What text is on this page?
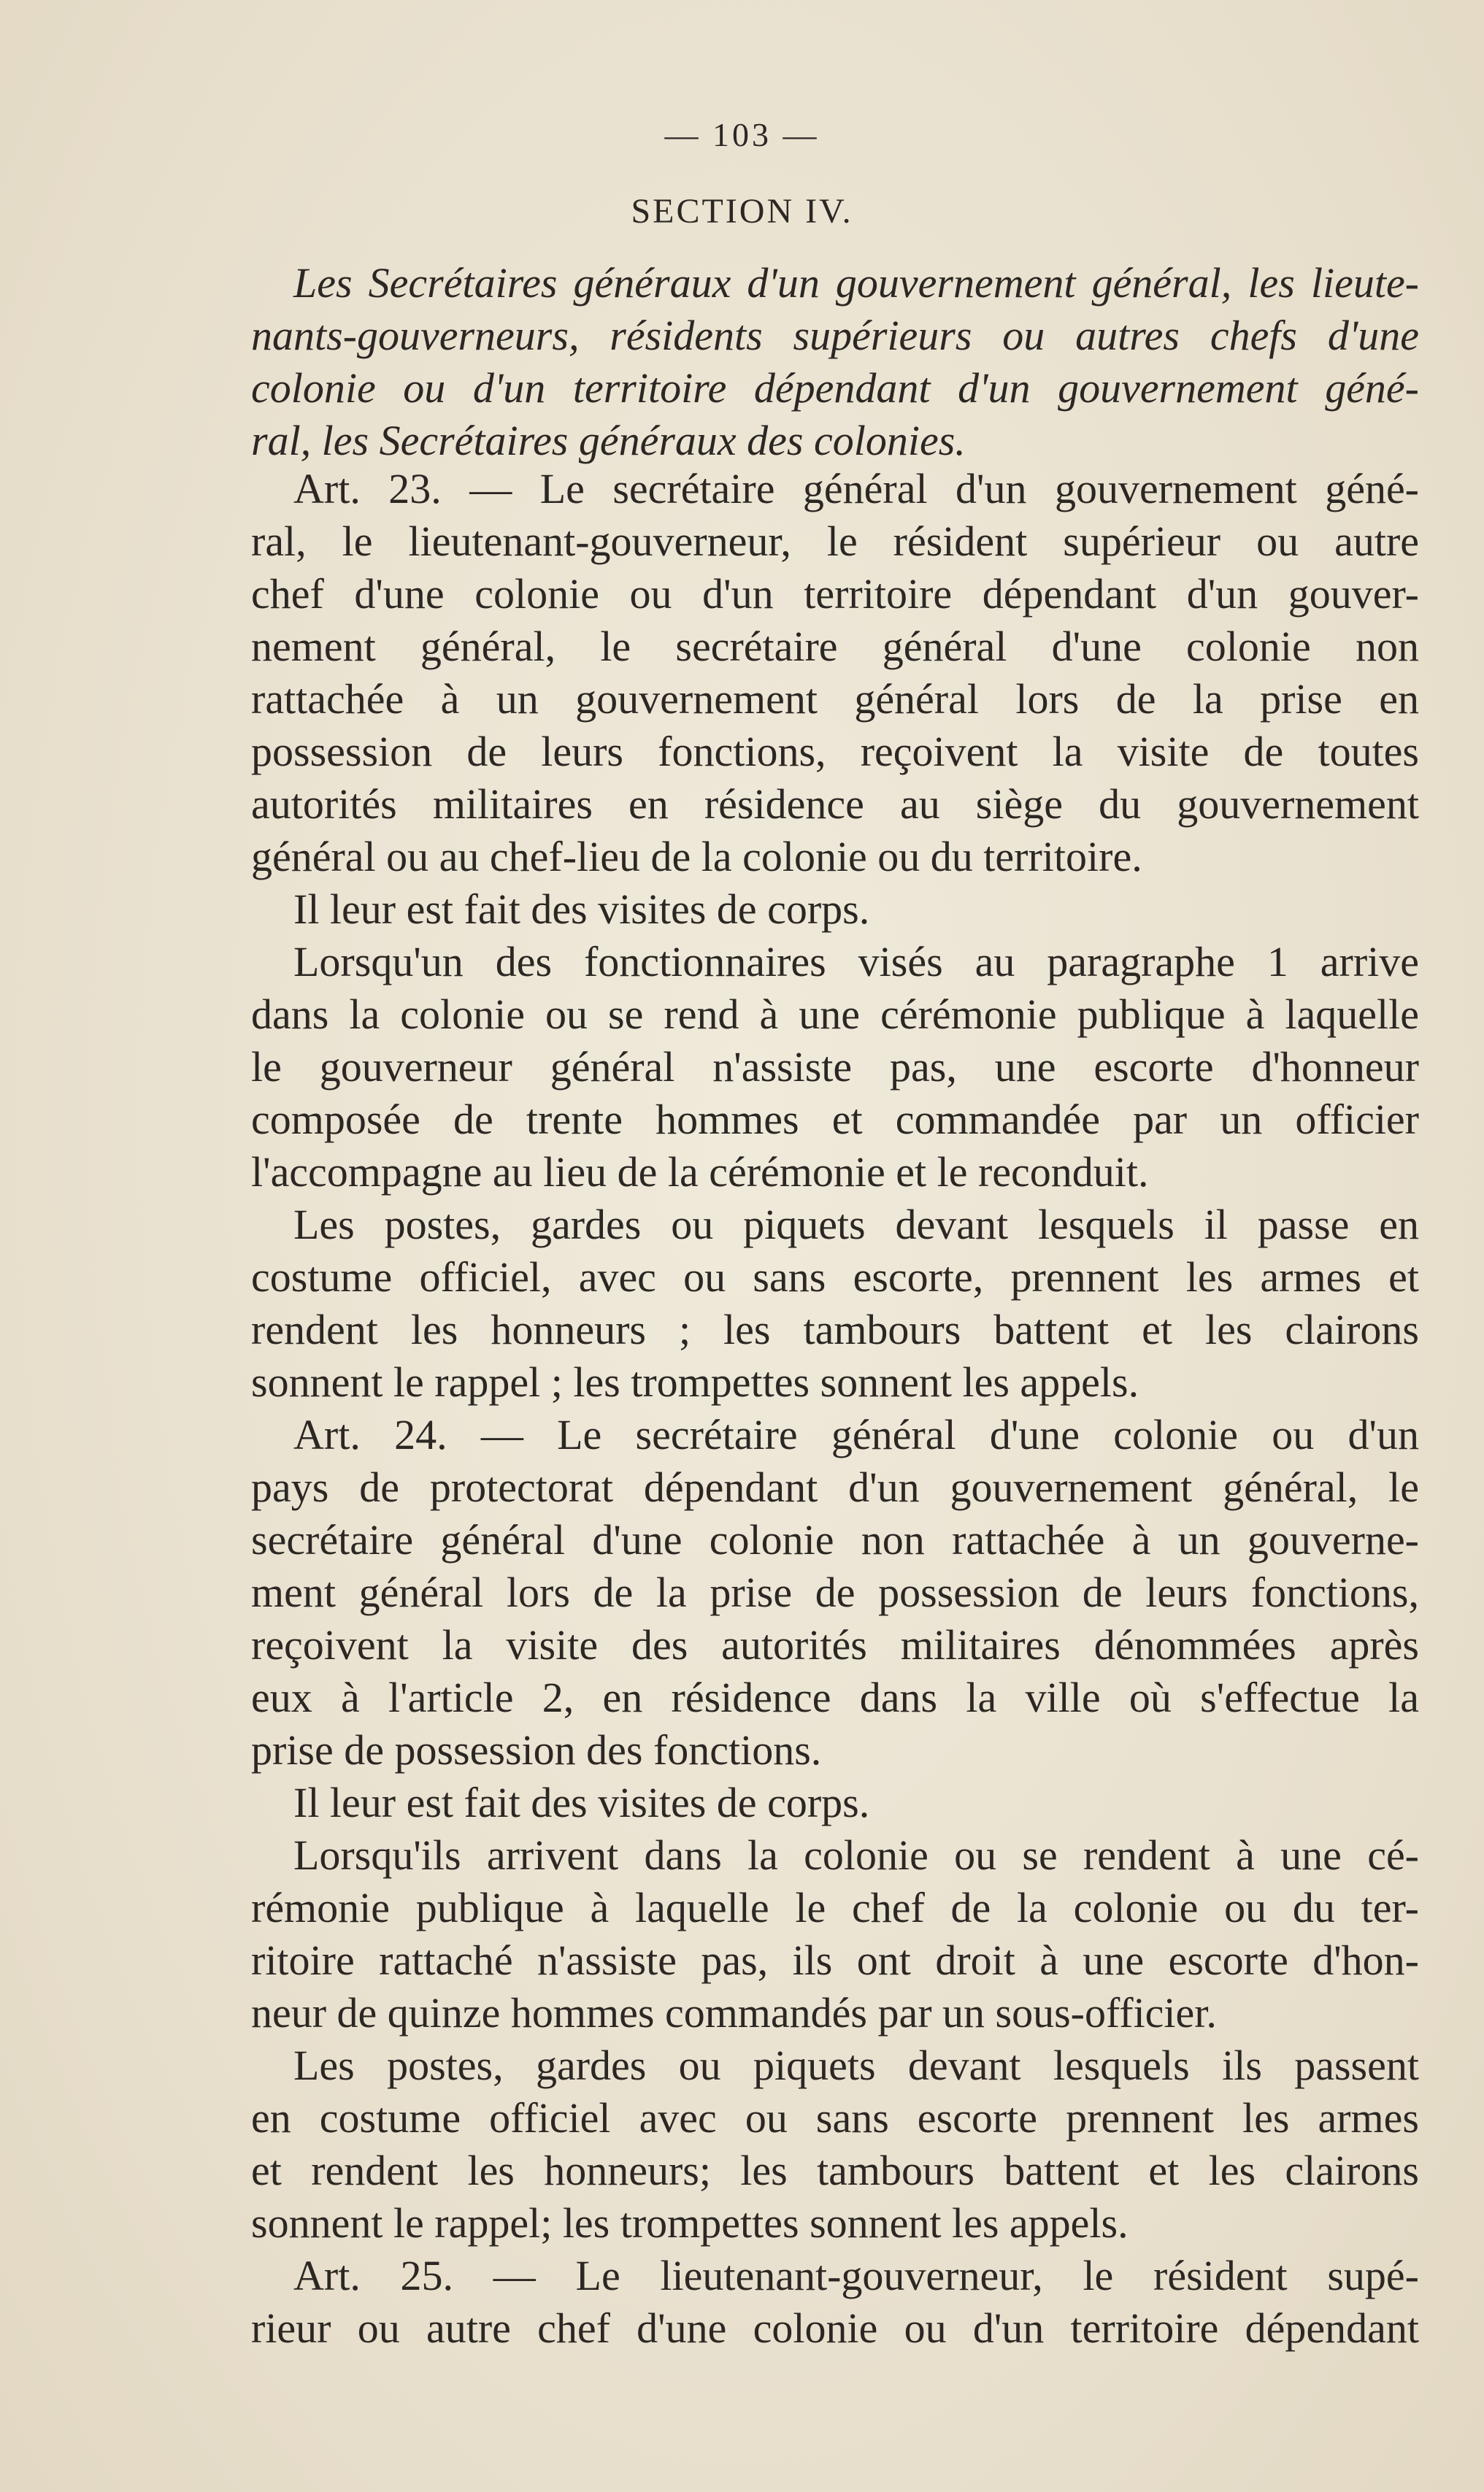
— 103 —
SECTION IV.
Les Secrétaires généraux d'un gouvernement général, les lieute-
nants-gouverneurs, résidents supérieurs ou autres chefs d'une
colonie ou d'un territoire dépendant d'un gouvernement géné-
ral, les Secrétaires généraux des colonies.
Art. 23. — Le secrétaire général d'un gouvernement géné-
ral, le lieutenant-gouverneur, le résident supérieur ou autre
chef d'une colonie ou d'un territoire dépendant d'un gouver-
nement général, le secrétaire général d'une colonie non
rattachée à un gouvernement général lors de la prise en
possession de leurs fonctions, reçoivent la visite de toutes
autorités militaires en résidence au siège du gouvernement
général ou au chef-lieu de la colonie ou du territoire.
Il leur est fait des visites de corps.
Lorsqu'un des fonctionnaires visés au paragraphe 1 arrive
dans la colonie ou se rend à une cérémonie publique à laquelle
le gouverneur général n'assiste pas, une escorte d'honneur
composée de trente hommes et commandée par un officier
l'accompagne au lieu de la cérémonie et le reconduit.
Les postes, gardes ou piquets devant lesquels il passe en
costume officiel, avec ou sans escorte, prennent les armes et
rendent les honneurs ; les tambours battent et les clairons
sonnent le rappel ; les trompettes sonnent les appels.
Art. 24. — Le secrétaire général d'une colonie ou d'un
pays de protectorat dépendant d'un gouvernement général, le
secrétaire général d'une colonie non rattachée à un gouverne-
ment général lors de la prise de possession de leurs fonctions,
reçoivent la visite des autorités militaires dénommées après
eux à l'article 2, en résidence dans la ville où s'effectue la
prise de possession des fonctions.
Il leur est fait des visites de corps.
Lorsqu'ils arrivent dans la colonie ou se rendent à une cé-
rémonie publique à laquelle le chef de la colonie ou du ter-
ritoire rattaché n'assiste pas, ils ont droit à une escorte d'hon-
neur de quinze hommes commandés par un sous-officier.
Les postes, gardes ou piquets devant lesquels ils passent
en costume officiel avec ou sans escorte prennent les armes
et rendent les honneurs; les tambours battent et les clairons
sonnent le rappel; les trompettes sonnent les appels.
Art. 25. — Le lieutenant-gouverneur, le résident supé-
rieur ou autre chef d'une colonie ou d'un territoire dépendant
